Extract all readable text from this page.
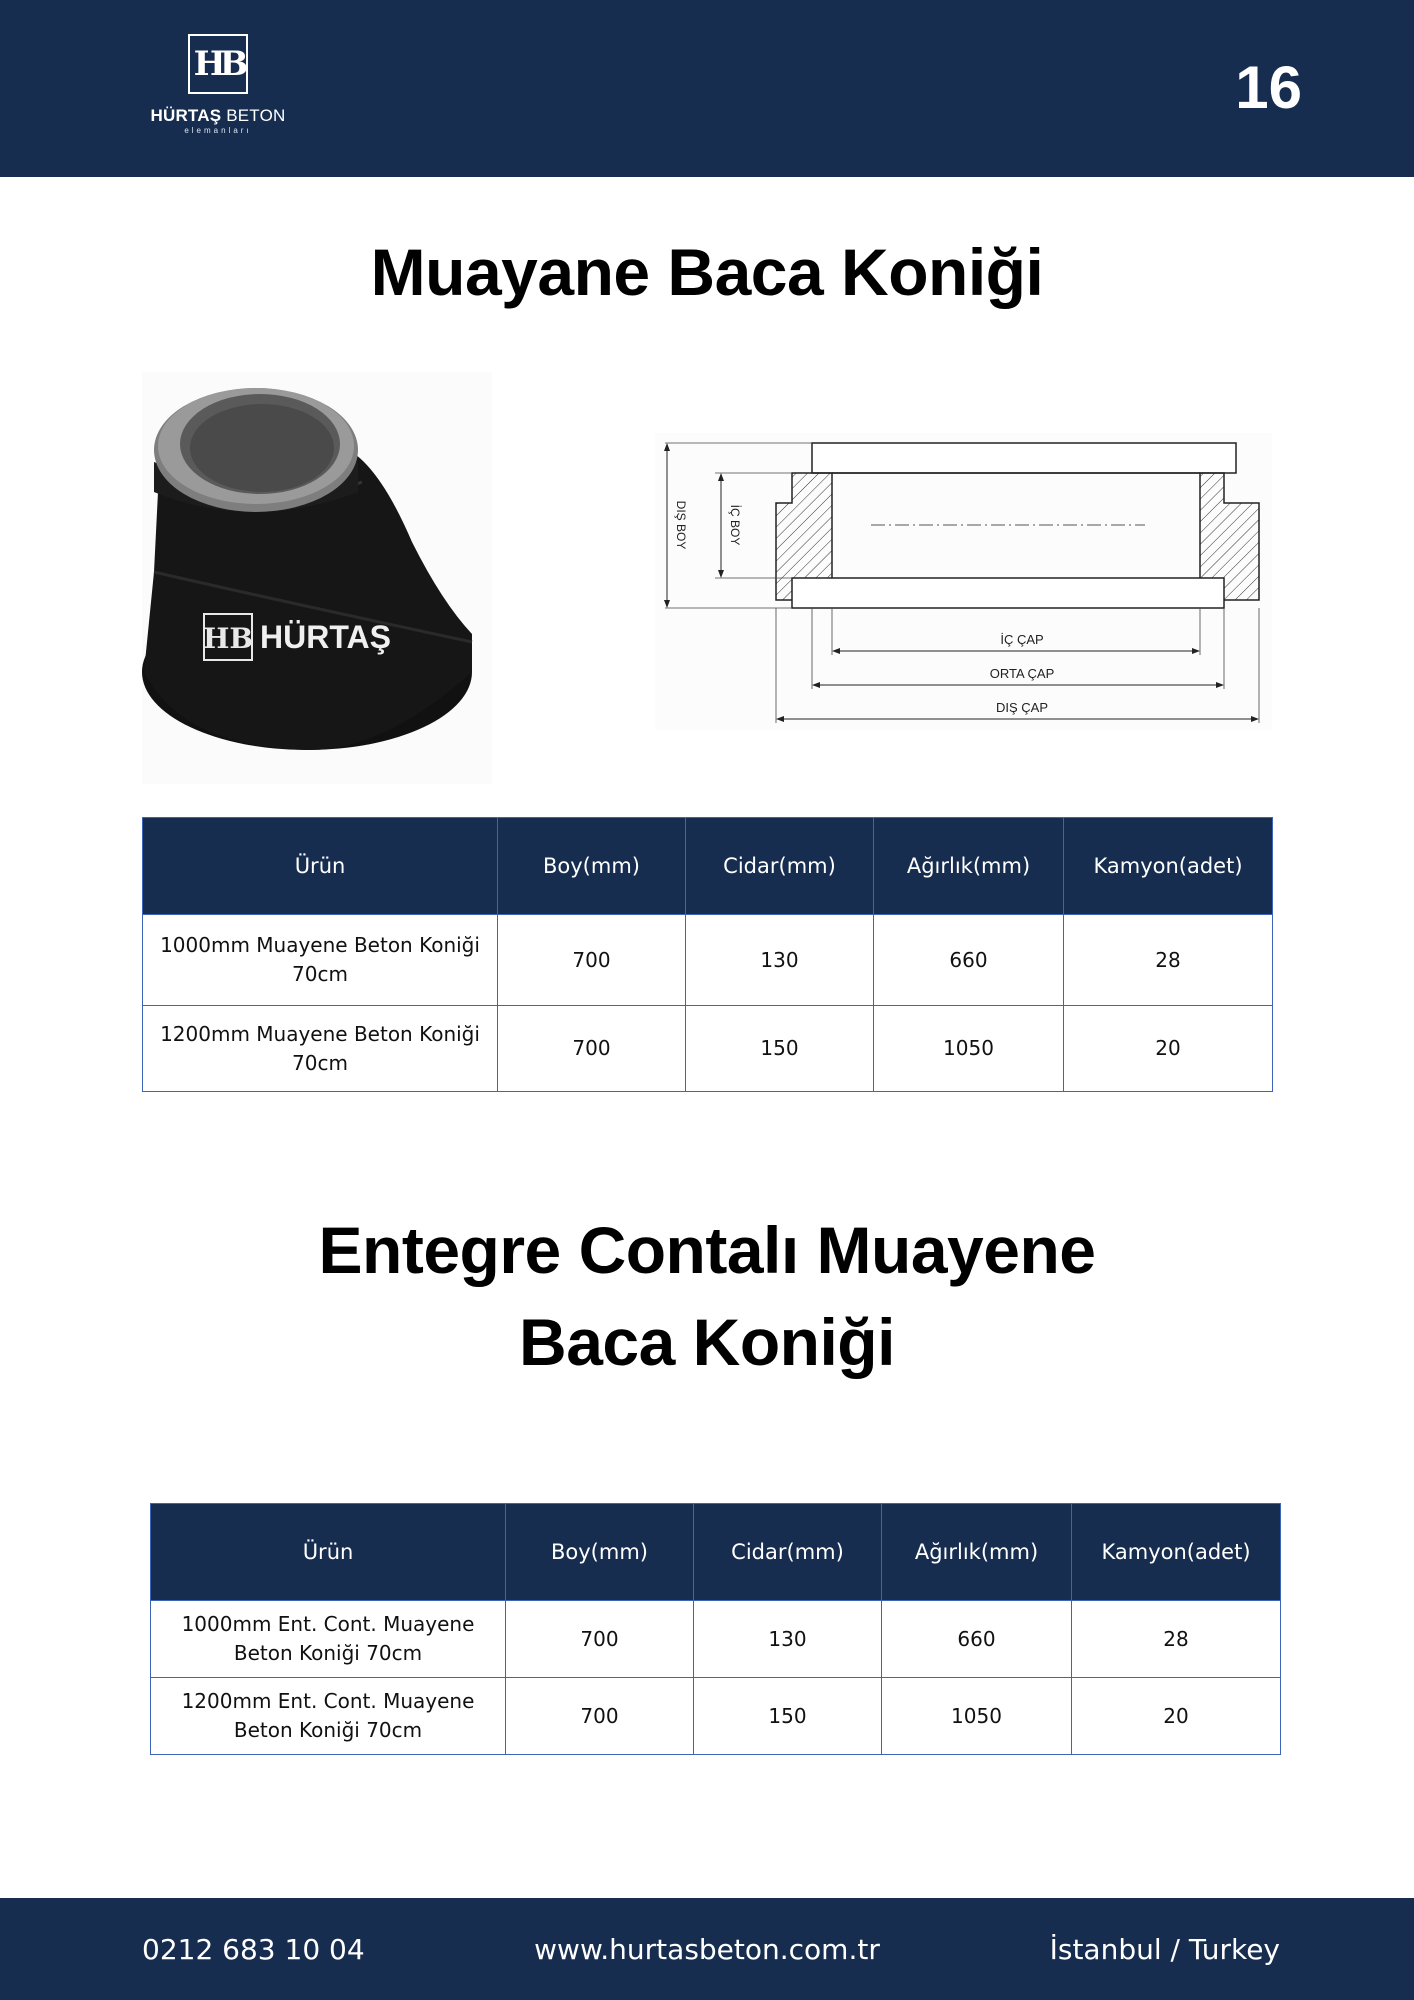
HB
HÜRTAŞ BETON
elemanları
16
Muayane Baca Koniği
HB HÜRTAŞ
DIŞ BOY	İÇ BOY
İÇ ÇAP
ORTA ÇAP
DIŞ ÇAP
Ürün	Boy(mm)	Cidar(mm)	Ağırlık(mm)	Kamyon(adet)
1000mm Muayene Beton Koniği 70cm	700	130	660	28
1200mm Muayene Beton Koniği 70cm	700	150	1050	20
Entegre Contalı Muayene
Baca Koniği
Ürün	Boy(mm)	Cidar(mm)	Ağırlık(mm)	Kamyon(adet)
1000mm Ent. Cont. Muayene Beton Koniği 70cm	700	130	660	28
1200mm Ent. Cont. Muayene Beton Koniği 70cm	700	150	1050	20
0212 683 10 04	www.hurtasbeton.com.tr	İstanbul / Turkey
